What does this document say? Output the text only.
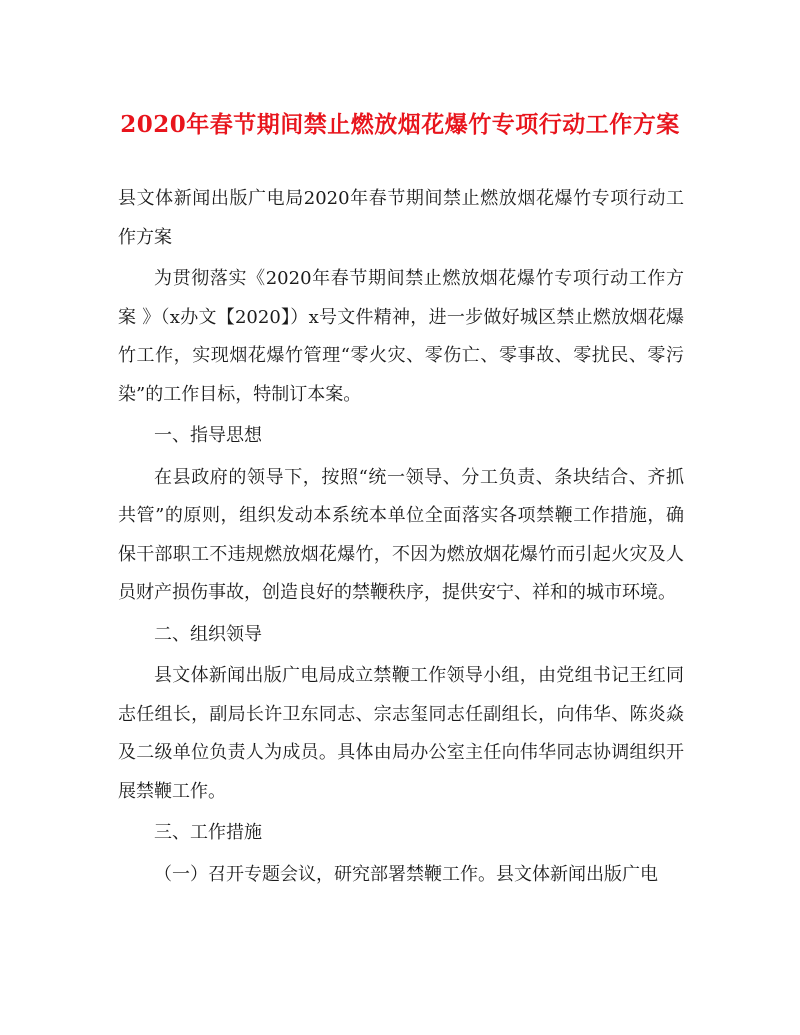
2020年春节期间禁止燃放烟花爆竹专项行动工作方案

县文体新闻出版广电局2020年春节期间禁止燃放烟花爆竹专项行动工作方案

为贯彻落实《2020年春节期间禁止燃放烟花爆竹专项行动工作方案 》（x办文【2020】）x号文件精神，进一步做好城区禁止燃放烟花爆竹工作，实现烟花爆竹管理“零火灾、零伤亡、零事故、零扰民、零污染”的工作目标，特制订本案。

一、指导思想

在县政府的领导下，按照“统一领导、分工负责、条块结合、齐抓共管”的原则，组织发动本系统本单位全面落实各项禁鞭工作措施，确保干部职工不违规燃放烟花爆竹，不因为燃放烟花爆竹而引起火灾及人员财产损伤事故，创造良好的禁鞭秩序，提供安宁、祥和的城市环境。

二、组织领导

县文体新闻出版广电局成立禁鞭工作领导小组，由党组书记王红同志任组长，副局长许卫东同志、宗志玺同志任副组长，向伟华、陈炎焱及二级单位负责人为成员。具体由局办公室主任向伟华同志协调组织开展禁鞭工作。

三、工作措施

（一）召开专题会议，研究部署禁鞭工作。县文体新闻出版广电
